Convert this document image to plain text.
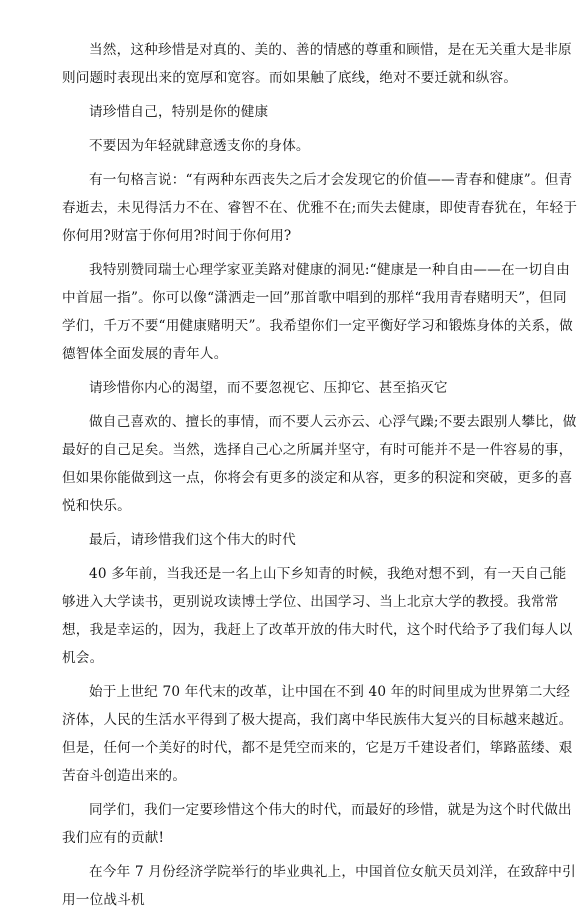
当然，这种珍惜是对真的、美的、善的情感的尊重和顾惜，是在无关重大是非原则问题时表现出来的宽厚和宽容。而如果触了底线，绝对不要迁就和纵容。

请珍惜自己，特别是你的健康

不要因为年轻就肆意透支你的身体。

有一句格言说：“有两种东西丧失之后才会发现它的价值——青春和健康”。但青春逝去，未见得活力不在、睿智不在、优雅不在;而失去健康，即使青春犹在，年轻于你何用?财富于你何用?时间于你何用?

我特别赞同瑞士心理学家亚美路对健康的洞见:“健康是一种自由——在一切自由中首屈一指”。你可以像“潇洒走一回”那首歌中唱到的那样“我用青春赌明天”，但同学们，千万不要“用健康赌明天”。我希望你们一定平衡好学习和锻炼身体的关系，做德智体全面发展的青年人。

请珍惜你内心的渴望，而不要忽视它、压抑它、甚至掐灭它

做自己喜欢的、擅长的事情，而不要人云亦云、心浮气躁;不要去跟别人攀比，做最好的自己足矣。当然，选择自己心之所属并坚守，有时可能并不是一件容易的事，但如果你能做到这一点，你将会有更多的淡定和从容，更多的积淀和突破，更多的喜悦和快乐。

最后，请珍惜我们这个伟大的时代

40 多年前，当我还是一名上山下乡知青的时候，我绝对想不到，有一天自己能够进入大学读书，更别说攻读博士学位、出国学习、当上北京大学的教授。我常常想，我是幸运的，因为，我赶上了改革开放的伟大时代，这个时代给予了我们每人以机会。

始于上世纪 70 年代末的改革，让中国在不到 40 年的时间里成为世界第二大经济体，人民的生活水平得到了极大提高，我们离中华民族伟大复兴的目标越来越近。但是，任何一个美好的时代，都不是凭空而来的，它是万千建设者们，筚路蓝缕、艰苦奋斗创造出来的。

同学们，我们一定要珍惜这个伟大的时代，而最好的珍惜，就是为这个时代做出我们应有的贡献!

在今年 7 月份经济学院举行的毕业典礼上，中国首位女航天员刘洋，在致辞中引用一位战斗机
